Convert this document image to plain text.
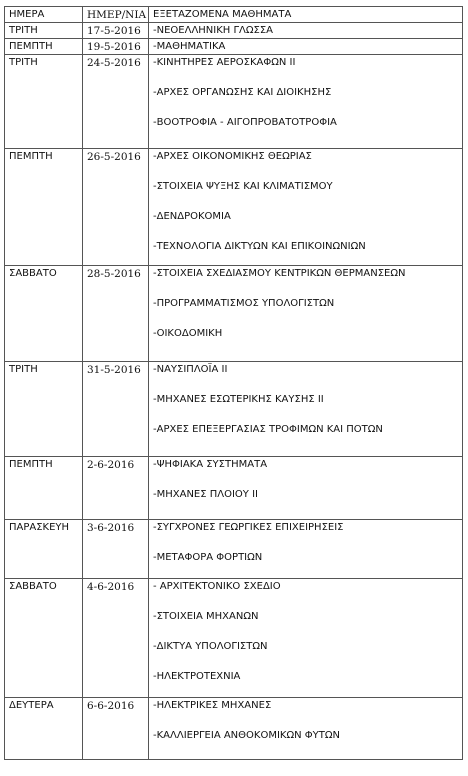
ΗΜΕΡΑ	ΗΜΕΡ/ΝΙΑ	ΕΞΕΤΑΖΟΜΕΝΑ ΜΑΘΗΜΑΤΑ
ΤΡΙΤΗ	17-5-2016	-ΝΕΟΕΛΛΗΝΙΚΗ ΓΛΩΣΣΑ

ΠΕΜΠΤΗ	19-5-2016	-ΜΑΘΗΜΑΤΙΚΑ

ΤΡΙΤΗ	24-5-2016	-ΚΙΝΗΤΗΡΕΣ ΑΕΡΟΣΚΑΦΩΝ ΙΙ
-ΑΡΧΕΣ ΟΡΓΑΝΩΣΗΣ ΚΑΙ ΔΙΟΙΚΗΣΗΣ
-ΒΟΟΤΡΟΦΙΑ - ΑΙΓΟΠΡΟΒΑΤΟΤΡΟΦΙΑ

ΠΕΜΠΤΗ	26-5-2016	-ΑΡΧΕΣ ΟΙΚΟΝΟΜΙΚΗΣ ΘΕΩΡΙΑΣ
-ΣΤΟΙΧΕΙΑ ΨΥΞΗΣ ΚΑΙ ΚΛΙΜΑΤΙΣΜΟΥ
-ΔΕΝΔΡΟΚΟΜΙΑ
-ΤΕΧΝΟΛΟΓΙΑ ΔΙΚΤΥΩΝ ΚΑΙ ΕΠΙΚΟΙΝΩΝΙΩΝ

ΣΑΒΒΑΤΟ	28-5-2016	-ΣΤΟΙΧΕΙΑ ΣΧΕΔΙΑΣΜΟΥ ΚΕΝΤΡΙΚΩΝ ΘΕΡΜΑΝΣΕΩΝ
-ΠΡΟΓΡΑΜΜΑΤΙΣΜΟΣ ΥΠΟΛΟΓΙΣΤΩΝ
-ΟΙΚΟΔΟΜΙΚΗ

ΤΡΙΤΗ	31-5-2016	-ΝΑΥΣΙΠΛΟΪΑ ΙΙ
-ΜΗΧΑΝΕΣ ΕΣΩΤΕΡΙΚΗΣ ΚΑΥΣΗΣ ΙΙ
-ΑΡΧΕΣ ΕΠΕΞΕΡΓΑΣΙΑΣ ΤΡΟΦΙΜΩΝ ΚΑΙ ΠΟΤΩΝ

ΠΕΜΠΤΗ	2-6-2016	-ΨΗΦΙΑΚΑ ΣΥΣΤΗΜΑΤΑ
-ΜΗΧΑΝΕΣ ΠΛΟΙΟΥ ΙΙ

ΠΑΡΑΣΚΕΥΗ	3-6-2016	-ΣΥΓΧΡΟΝΕΣ ΓΕΩΡΓΙΚΕΣ ΕΠΙΧΕΙΡΗΣΕΙΣ
-ΜΕΤΑΦΟΡΑ ΦΟΡΤΙΩΝ

ΣΑΒΒΑΤΟ	4-6-2016	- ΑΡΧΙΤΕΚΤΟΝΙΚΟ ΣΧΕΔΙΟ
-ΣΤΟΙΧΕΙΑ ΜΗΧΑΝΩΝ
-ΔΙΚΤΥΑ ΥΠΟΛΟΓΙΣΤΩΝ
-ΗΛΕΚΤΡΟΤΕΧΝΙΑ

ΔΕΥΤΕΡΑ	6-6-2016	-ΗΛΕΚΤΡΙΚΕΣ ΜΗΧΑΝΕΣ
-ΚΑΛΛΙΕΡΓΕΙΑ ΑΝΘΟΚΟΜΙΚΩΝ ΦΥΤΩΝ
